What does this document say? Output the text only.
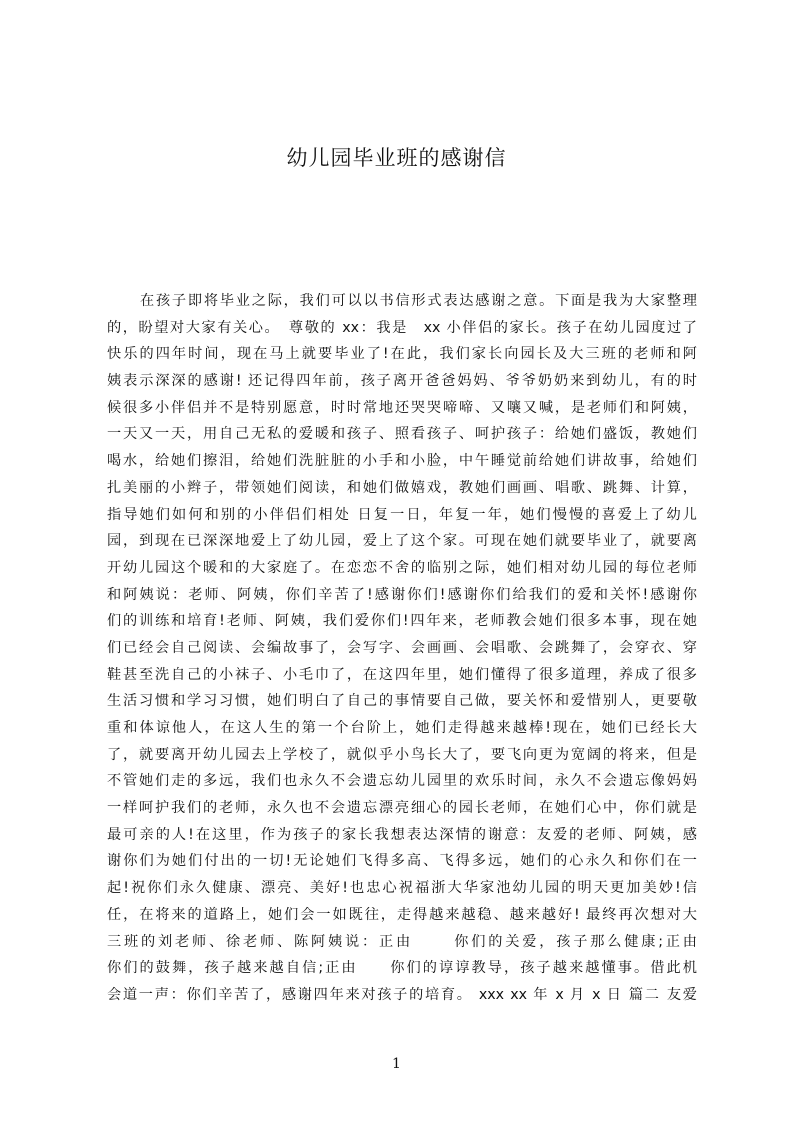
幼儿园毕业班的感谢信
在孩子即将毕业之际，我们可以以书信形式表达感谢之意。下面是我为大家整理
的，盼望对大家有关心。　尊敬的 xx：我是　xx 小伴侣的家长。孩子在幼儿园度过了
快乐的四年时间，现在马上就要毕业了!在此，我们家长向园长及大三班的老师和阿
姨表示深深的感谢! 还记得四年前，孩子离开爸爸妈妈、爷爷奶奶来到幼儿，有的时
候很多小伴侣并不是特别愿意，时时常地还哭哭啼啼、又嚷又喊，是老师们和阿姨，
一天又一天，用自己无私的爱暖和孩子、照看孩子、呵护孩子：给她们盛饭，教她们
喝水，给她们擦泪，给她们洗脏脏的小手和小脸，中午睡觉前给她们讲故事，给她们
扎美丽的小辫子，带领她们阅读，和她们做嬉戏，教她们画画、唱歌、跳舞、计算，
指导她们如何和别的小伴侣们相处 日复一日，年复一年，她们慢慢的喜爱上了幼儿
园，到现在已深深地爱上了幼儿园，爱上了这个家。可现在她们就要毕业了，就要离
开幼儿园这个暖和的大家庭了。在恋恋不舍的临别之际，她们相对幼儿园的每位老师
和阿姨说：老师、阿姨，你们辛苦了!感谢你们!感谢你们给我们的爱和关怀!感谢你
们的训练和培育!老师、阿姨，我们爱你们!四年来，老师教会她们很多本事，现在她
们已经会自己阅读、会编故事了，会写字、会画画、会唱歌、会跳舞了，会穿衣、穿
鞋甚至洗自己的小袜子、小毛巾了，在这四年里，她们懂得了很多道理，养成了很多
生活习惯和学习习惯，她们明白了自己的事情要自己做，要关怀和爱惜别人，更要敬
重和体谅他人，在这人生的第一个台阶上，她们走得越来越棒!现在，她们已经长大
了，就要离开幼儿园去上学校了，就似乎小鸟长大了，要飞向更为宽阔的将来，但是
不管她们走的多远，我们也永久不会遗忘幼儿园里的欢乐时间，永久不会遗忘像妈妈
一样呵护我们的老师，永久也不会遗忘漂亮细心的园长老师，在她们心中，你们就是
最可亲的人!在这里，作为孩子的家长我想表达深情的谢意：友爱的老师、阿姨，感
谢你们为她们付出的一切!无论她们飞得多高、飞得多远，她们的心永久和你们在一
起!祝你们永久健康、漂亮、美好!也忠心祝福浙大华家池幼儿园的明天更加美妙!信
任，在将来的道路上，她们会一如既往，走得越来越稳、越来越好! 最终再次想对大
三班的刘老师、徐老师、陈阿姨说：正由　　 你们的关爱，孩子那么健康;正由
你们的鼓舞，孩子越来越自信;正由　　你们的谆谆教导，孩子越来越懂事。借此机
会道一声：你们辛苦了，感谢四年来对孩子的培育。 xxx xx 年 x 月 x 日 篇二 友爱
1
